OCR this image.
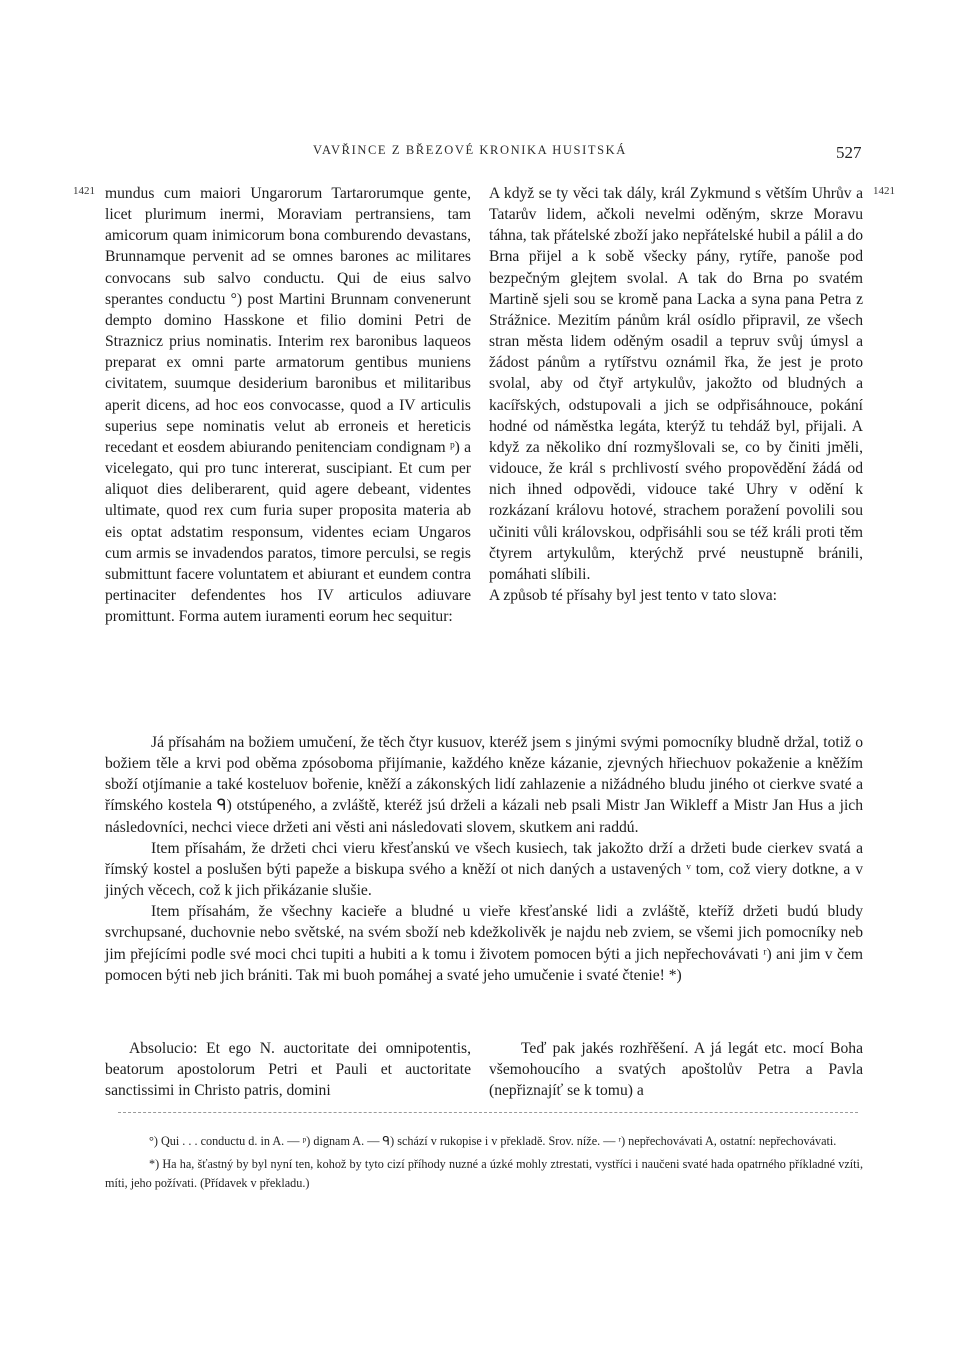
VAVŘINCE Z BŘEZOVÉ KRONIKA HUSITSKÁ	527
1421	1421

mundus cum maiori Ungarorum Tartarorumque gente, licet plurimum inermi, Moraviam pertransiens, tam amicorum quam inimicorum bona comburendo devastans, Brunnamque pervenit ad se omnes barones ac militares convocans sub salvo conductu. Qui de eius salvo sperantes conductu °) post Martini Brunnam convenerunt dempto domino Hasskone et filio domini Petri de Straznicz prius nominatis. Interim rex baronibus laqueos preparat ex omni parte armatorum gentibus muniens civitatem, suumque desiderium baronibus et militaribus aperit dicens, ad hoc eos convocasse, quod a IV articulis superius sepe nominatis velut ab erroneis et hereticis recedant et eosdem abiurando penitenciam condignam ᵖ) a vicelegato, qui pro tunc intererat, suscipiant. Et cum per aliquot dies deliberarent, quid agere debeant, videntes ultimate, quod rex cum furia super proposita materia ab eis optat adstatim responsum, videntes eciam Ungaros cum armis se invadendos paratos, timore perculsi, se regis submittunt facere voluntatem et abiurant et eundem contra pertinaciter defendentes hos IV articulos adiuvare promittunt. Forma autem iuramenti eorum hec sequitur:

A když se ty věci tak dály, král Zykmund s větším Uhrův a Tatarův lidem, ačkoli nevelmi oděným, skrze Moravu táhna, tak přátelské zboží jako nepřátelské hubil a pálil a do Brna přijel a k sobě všecky pány, rytíře, panoše pod bezpečným glejtem svolal. A tak do Brna po svatém Martině sjeli sou se kromě pana Lacka a syna pana Petra z Strážnice. Mezitím pánům král osídlo připravil, ze všech stran města lidem oděným osadil a tepruv svůj úmysl a žádost pánům a rytířstvu oznámil řka, že jest je proto svolal, aby od čtyř artykulův, jakožto od bludných a kacířských, odstupovali a jich se odpřisáhnouce, pokání hodné od náměstka legáta, kterýž tu tehdáž byl, přijali. A když za několiko dní rozmyšlovali se, co by činiti jměli, vidouce, že král s prchlivostí svého propovědění žádá od nich ihned odpovědi, vidouce také Uhry v odění k rozkázaní královu hotové, strachem poražení povolili sou učiniti vůli královskou, odpřisáhli sou se též králi proti těm čtyrem artykulům, kterýchž prvé neustupně bránili, pomáhati slíbili.

A způsob té přísahy byl jest tento v tato slova:

Já přísahám na božiem umučení, že těch čtyr kusuov, kteréž jsem s jinými svými pomocníky bludně držal, totiž o božiem těle a krvi pod oběma zpósoboma přijímanie, každého kněze kázanie, zjevných hřiechuov pokaženie a kněžím sboží otjímanie a také kosteluov bořenie, kněží a zákonských lidí zahlazenie a nižádného bludu jiného ot cierkve svaté a římského kostela ᑫ) otstúpeného, a zvláště, kteréž jsú drželi a kázali neb psali Mistr Jan Wikleff a Mistr Jan Hus a jich následovníci, nechci viece držeti ani věsti ani následovati slovem, skutkem ani raddú.

Item přísahám, že držeti chci vieru křesťanskú ve všech kusiech, tak jakožto drží a držeti bude cierkev svatá a římský kostel a poslušen býti papeže a biskupa svého a kněží ot nich daných a ustavených ᵛ tom, což viery dotkne, a v jiných věcech, což k jich přikázanie slušie.

Item přísahám, že všechny kacieře a bludné u vieře křesťanské lidi a zvláště, kteříž držeti budú bludy svrchupsané, duchovnie nebo světské, na svém sboží neb kdežkolivěk je najdu neb zviem, se všemi jich pomocníky neb jim přejícími podle své moci chci tupiti a hubiti a k tomu i životem pomocen býti a jich nepřechovávati ʳ) ani jim v čem pomocen býti neb jich brániti. Tak mi buoh pomáhej a svaté jeho umučenie i svaté čtenie! *)

Absolucio: Et ego N. auctoritate dei omnipotentis, beatorum apostolorum Petri et Pauli et auctoritate sanctissimi in Christo patris, domini

Teď pak jakés rozhřěšení. A já legát etc. mocí Boha všemohoucího a svatých apoštolův Petra a Pavla (nepřiznajíť se k tomu) a

°) Qui . . . conductu d. in A. — ᵖ) dignam A. — ᑫ) schází v rukopise i v překladě. Srov. níže. — ʳ) nepřechovávati A, ostatní: nepřechovávati.

*) Ha ha, šťastný by byl nyní ten, kohož by tyto cizí příhody nuzné a úzké mohly ztrestati, vystříci i naučeni svaté hada opatrného příkladné vzíti, míti, jeho požívati. (Přídavek v překladu.)
